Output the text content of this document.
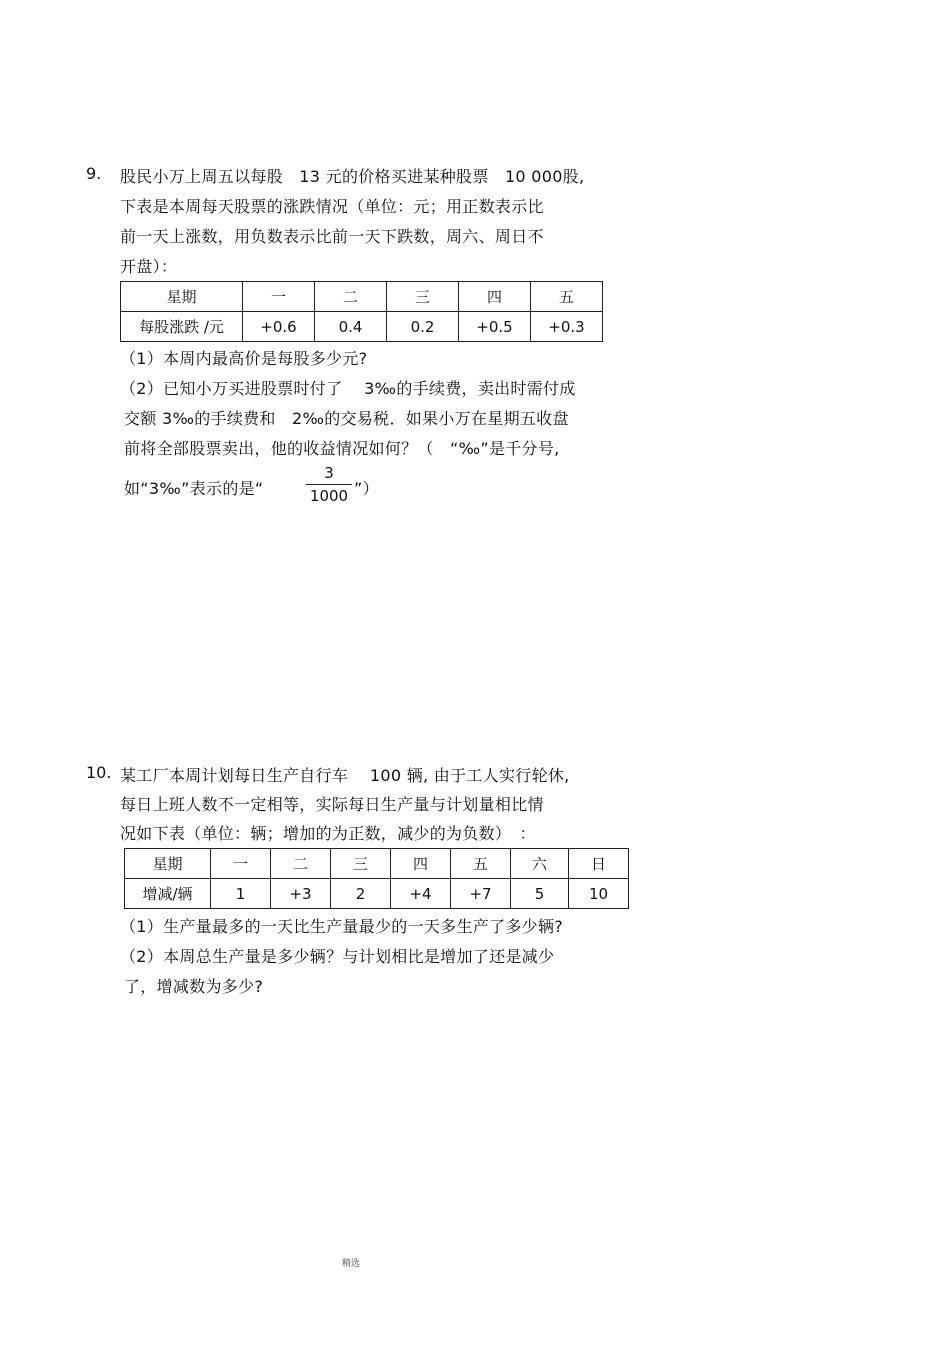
9. 股民小万上周五以每股　13 元的价格买进某种股票　10 000股,
下表是本周每天股票的涨跌情况（单位：元；用正数表示比
前一天上涨数，用负数表示比前一天下跌数，周六、周日不
开盘）：
星期	一	二	三	四	五
每股涨跌 /元	+0.6	0.4	0.2	+0.5	+0.3
（1）本周内最高价是每股多少元?
（2）已知小万买进股票时付了　 3‰的手续费，卖出时需付成
交额 3‰的手续费和　2‰的交易税．如果小万在星期五收盘
前将全部股票卖出，他的收益情况如何？（　“‰”是千分号,
如“3‰”表示的是“
3
1000 ”）
10. 某工厂本周计划每日生产自行车　 100 辆, 由于工人实行轮休,
每日上班人数不一定相等，实际每日生产量与计划量相比情
况如下表（单位：辆；增加的为正数，减少的为负数）　：
星期	一	二	三	四	五	六	日
增减/辆	1	+3	2	+4	+7	5	10
（1）生产量最多的一天比生产量最少的一天多生产了多少辆?
（2）本周总生产量是多少辆？与计划相比是增加了还是减少
了，增减数为多少?
精选
